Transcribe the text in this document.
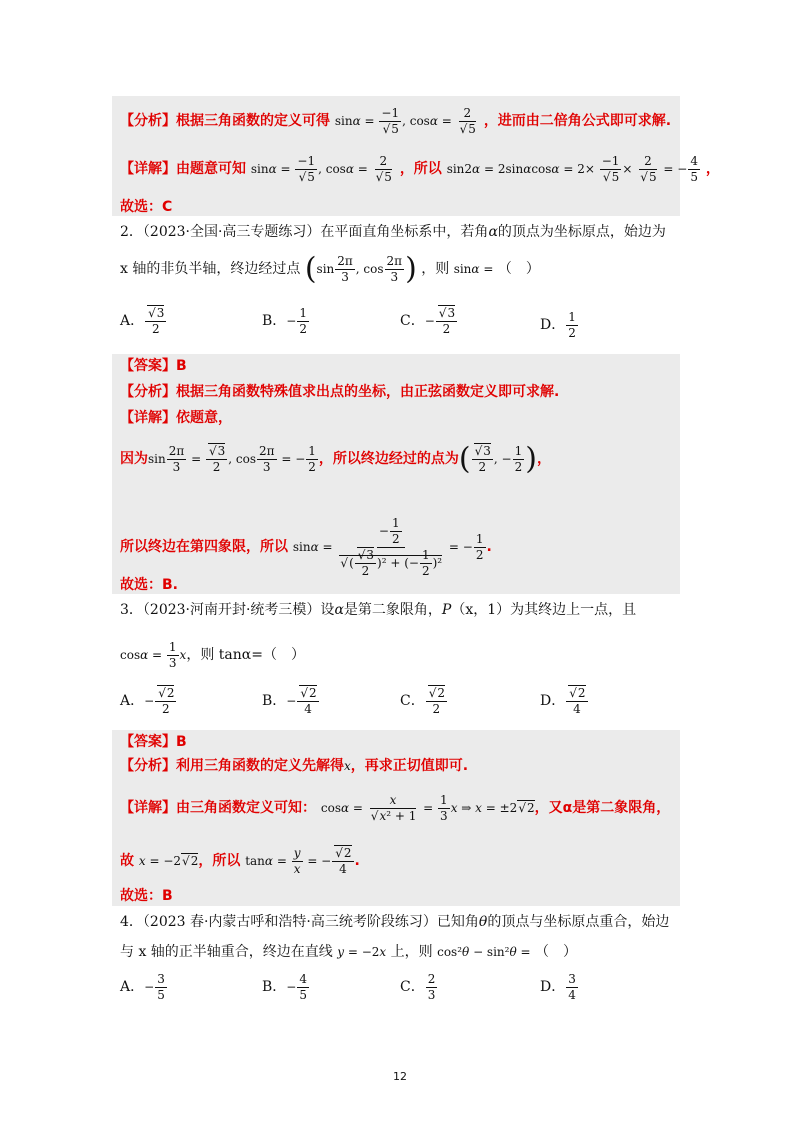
【分析】根据三角函数的定义可得 sinα = −1
√ 5 , cosα = 2
√ 5 ，进而由二倍角公式即可求解.
【详解】由题意可知 sinα = −1
√ 5 , cosα = 2
√ 5 ，所以 sin2α = 2sinαcosα = 2× −1
√ 5 × 2
√ 5 = − $\frac{4}{5}$ ，
故选：C
2．（2023·全国·高三专题练习）在平面直角坐标系中，若角α的顶点为坐标原点，始边为
x 轴的非负半轴，终边经过点 ($\sin \frac{2\pi}{3}$ , $\cos \frac{2\pi}{3}$ ) ，则 sinα = （　）
A． √ $\frac{3}{2}$	B．− $\frac{1}{2}$	C．− √ $\frac{3}{2}$	D． $\frac{1}{2}$
【答案】B
【分析】根据三角函数特殊值求出点的坐标，由正弦函数定义即可求解.
【详解】依题意，
因为$\sin \frac{2\pi}{3}$ = √ $\frac{3}{2}$ , $\cos \frac{2\pi}{3}$ = − $\frac{1}{2}$ ，所以终边经过的点为( √ $\frac{3}{2}$ , − $\frac{1}{2}$ )，
所以终边在第四象限，所以 sinα = − $\frac{1}{2}$
√ ( √ $\frac{3}{2} )^2$ + (− $\frac{1}{2} )^2$ = − $\frac{1}{2}$ .
故选：B.
3．（2023·河南开封·统考三模）设α是第二象限角，P（x，1）为其终边上一点，且
$\cos\alpha = \frac{1}{3}$ x，则 tanα=（　）
A．− √ $\frac{2}{2}$	B．− √ $\frac{2}{4}$	C． √ $\frac{2}{2}$	D． √ $\frac{2}{4}$
【答案】B
【分析】利用三角函数的定义先解得x，再求正切值即可.
【详解】由三角函数定义可知： cosα = x
√ $x^2 + 1 = \frac{1}{3}$ x ⇒ x = ±2 √ 2，又α是第二象限角，
故 x = −2 √ 2，所以 $\tan\alpha = \frac{y}{x}$ = − √ $\frac{2}{4}$ .
故选：B
4．（2023 春·内蒙古呼和浩特·高三统考阶段练习）已知角θ的顶点与坐标原点重合，始边
与 x 轴的正半轴重合，终边在直线 y = −2x 上，则 cos²θ − sin²θ = （　）
A．− $\frac{3}{5}$	B．− $\frac{4}{5}$	C． $\frac{2}{3}$	D． $\frac{3}{4}$
12
